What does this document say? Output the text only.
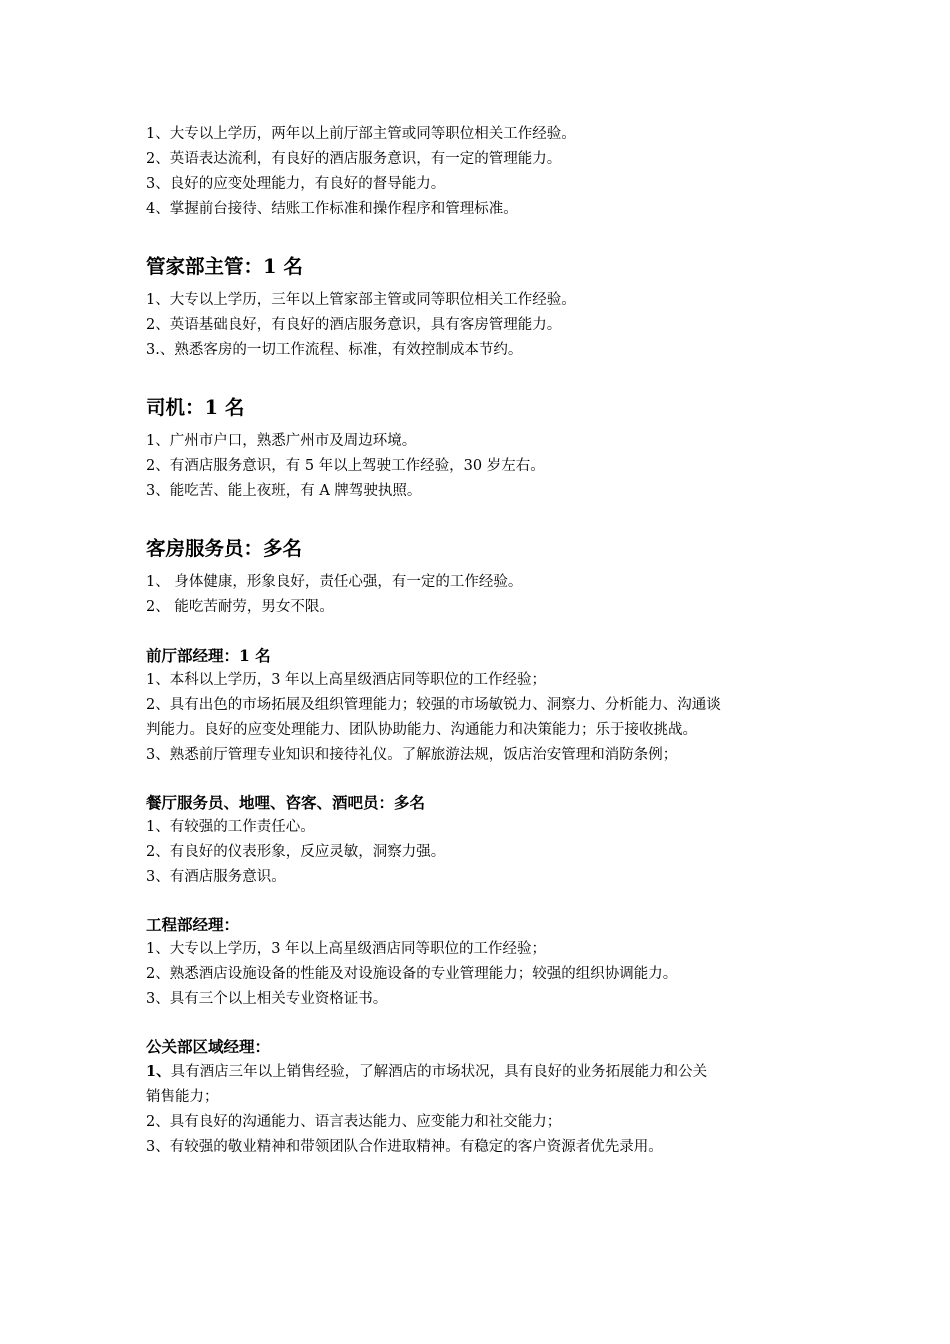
1、大专以上学历，两年以上前厅部主管或同等职位相关工作经验。

2、英语表达流利，有良好的酒店服务意识，有一定的管理能力。

3、良好的应变处理能力，有良好的督导能力。

4、掌握前台接待、结账工作标准和操作程序和管理标准。

管家部主管：1 名

1、大专以上学历，三年以上管家部主管或同等职位相关工作经验。

2、英语基础良好，有良好的酒店服务意识，具有客房管理能力。

3.、熟悉客房的一切工作流程、标准，有效控制成本节约。

司机：1 名

1、广州市户口，熟悉广州市及周边环境。

2、有酒店服务意识，有 5 年以上驾驶工作经验，30 岁左右。

3、能吃苦、能上夜班，有 A 牌驾驶执照。

客房服务员：多名

1、 身体健康，形象良好，责任心强，有一定的工作经验。

2、 能吃苦耐劳，男女不限。

前厅部经理：1 名

1、本科以上学历，3 年以上高星级酒店同等职位的工作经验；

2、具有出色的市场拓展及组织管理能力；较强的市场敏锐力、洞察力、分析能力、沟通谈

判能力。良好的应变处理能力、团队协助能力、沟通能力和决策能力；乐于接收挑战。

3、熟悉前厅管理专业知识和接待礼仪。了解旅游法规，饭店治安管理和消防条例；

餐厅服务员、地哩、咨客、酒吧员：多名

1、有较强的工作责任心。

2、有良好的仪表形象，反应灵敏，洞察力强。

3、有酒店服务意识。

工程部经理：

1、大专以上学历，3 年以上高星级酒店同等职位的工作经验；

2、熟悉酒店设施设备的性能及对设施设备的专业管理能力；较强的组织协调能力。

3、具有三个以上相关专业资格证书。

公关部区域经理：

1、具有酒店三年以上销售经验，了解酒店的市场状况，具有良好的业务拓展能力和公关

销售能力；

2、具有良好的沟通能力、语言表达能力、应变能力和社交能力；

3、有较强的敬业精神和带领团队合作进取精神。有稳定的客户资源者优先录用。
